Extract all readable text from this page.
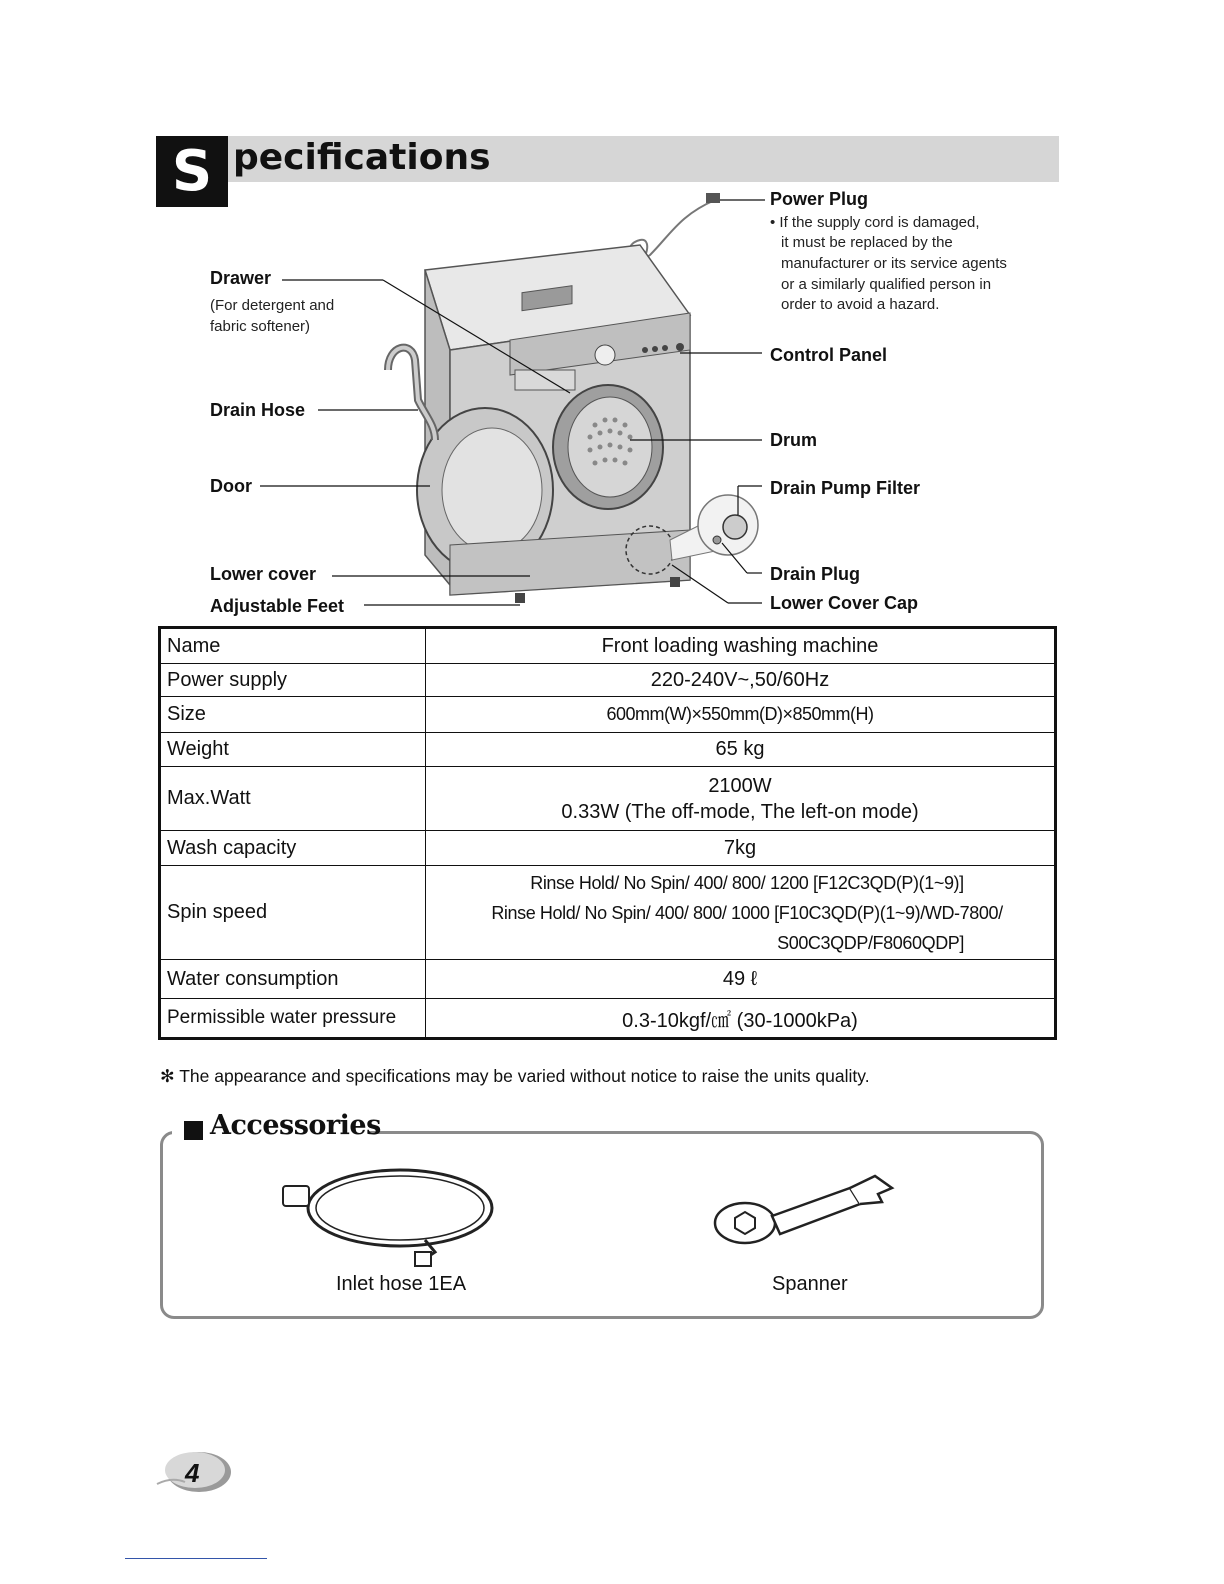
S pecifications
Power Plug
• If the supply cord is damaged,
it must be replaced by the
manufacturer or its service agents
or a similarly qualified person in
order to avoid a hazard.
Drawer
(For detergent and
fabric softener)
Control Panel
Drain Hose
Drum
Door	Drain Pump Filter
Lower cover	Drain Plug
Adjustable Feet	Lower Cover Cap
Name	Front loading washing machine
Power supply	220-240V~,50/60Hz
Size	600mm(W)×550mm(D)×850mm(H)
Weight	65 kg
Max.Watt	2100W
0.33W (The off-mode, The left-on mode)

Wash capacity	7kg
Spin speed	Rinse Hold/ No Spin/ 400/ 800/ 1200 [F12C3QD(P)(1~9)]
Rinse Hold/ No Spin/ 400/ 800/ 1000 [F10C3QD(P)(1~9)/WD-7800/
S00C3QDP/F8060QDP]

Water consumption	49 ℓ
Permissible water pressure	0.3-10kgf/㎠ (30-1000kPa)
✻ The appearance and specifications may be varied without notice to raise the units quality.
Accessories
Inlet hose 1EA	Spanner
4
